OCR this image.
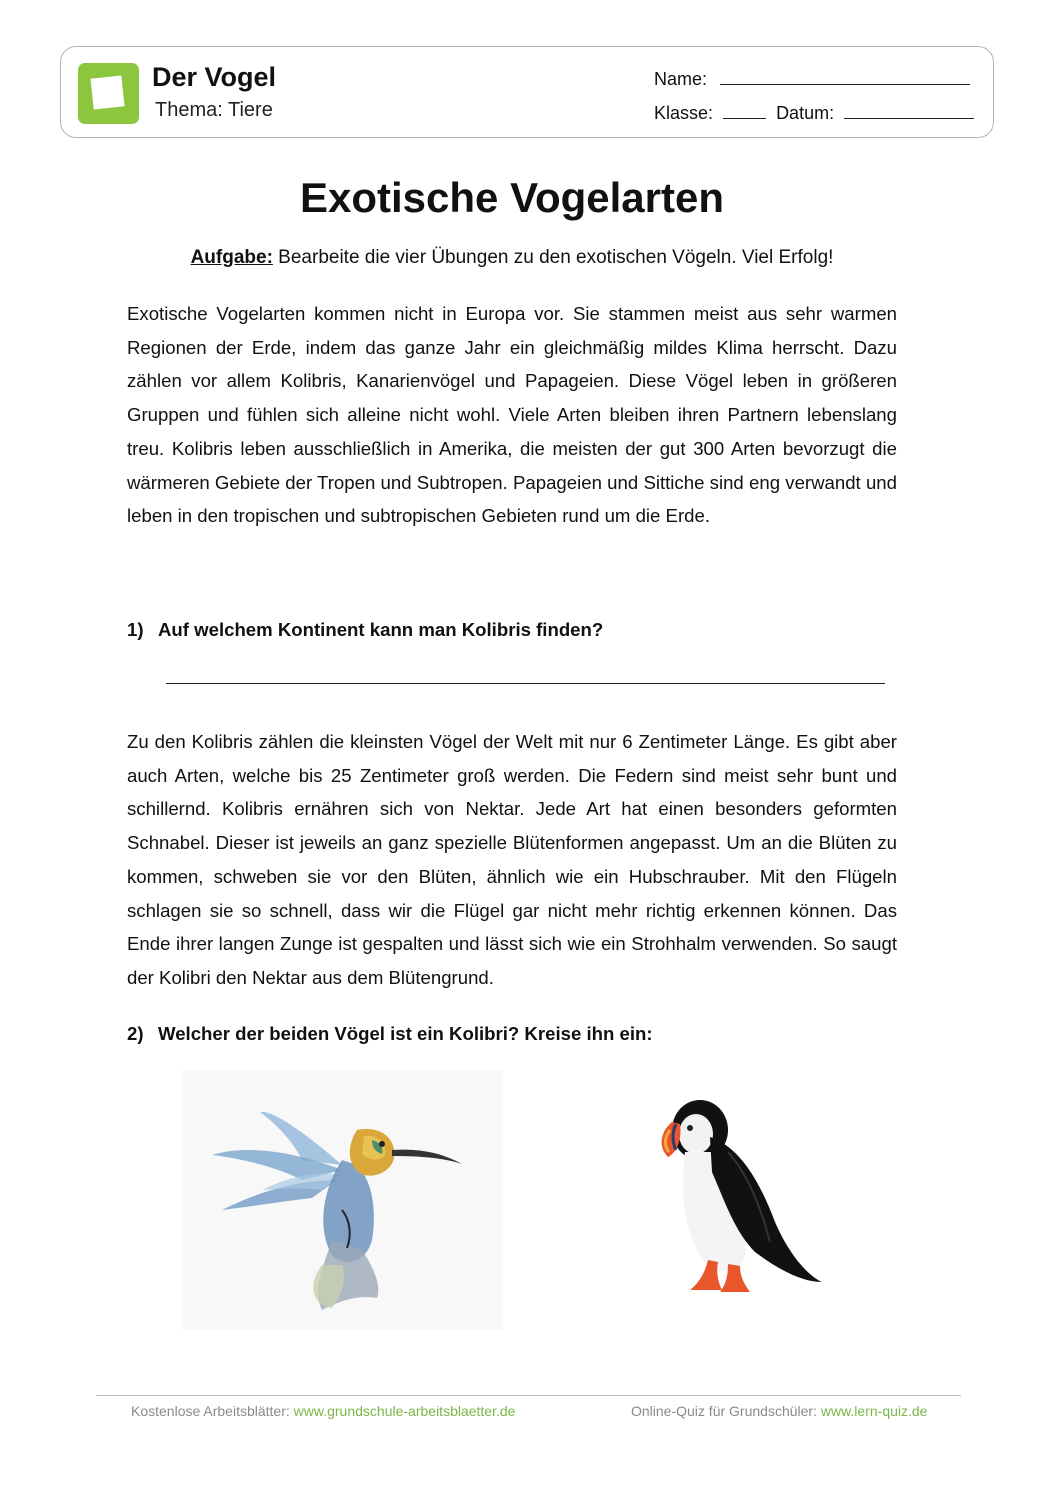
Der Vogel
Thema: Tiere
Name:
Klasse:	Datum:
Exotische Vogelarten
Aufgabe: Bearbeite die vier Übungen zu den exotischen Vögeln. Viel Erfolg!

Exotische Vogelarten kommen nicht in Europa vor. Sie stammen meist aus sehr warmen Regionen der Erde, indem das ganze Jahr ein gleichmäßig mildes Klima herrscht. Dazu zählen vor allem Kolibris, Kanarienvögel und Papageien. Diese Vögel leben in größeren Gruppen und fühlen sich alleine nicht wohl. Viele Arten bleiben ihren Partnern lebenslang treu. Kolibris leben ausschließlich in Amerika, die meisten der gut 300 Arten bevorzugt die wärmeren Gebiete der Tropen und Subtropen. Papageien und Sittiche sind eng verwandt und leben in den tropischen und subtropischen Gebieten rund um die Erde.

1) Auf welchem Kontinent kann man Kolibris finden?

Zu den Kolibris zählen die kleinsten Vögel der Welt mit nur 6 Zentimeter Länge. Es gibt aber auch Arten, welche bis 25 Zentimeter groß werden. Die Federn sind meist sehr bunt und schillernd. Kolibris ernähren sich von Nektar. Jede Art hat einen besonders geformten Schnabel. Dieser ist jeweils an ganz spezielle Blütenformen angepasst. Um an die Blüten zu kommen, schweben sie vor den Blüten, ähnlich wie ein Hubschrauber. Mit den Flügeln schlagen sie so schnell, dass wir die Flügel gar nicht mehr richtig erkennen können. Das Ende ihrer langen Zunge ist gespalten und lässt sich wie ein Strohhalm verwenden. So saugt der Kolibri den Nektar aus dem Blütengrund.

2) Welcher der beiden Vögel ist ein Kolibri? Kreise ihn ein:
Kostenlose Arbeitsblätter: www.grundschule-arbeitsblaetter.de	Online-Quiz für Grundschüler: www.lern-quiz.de
